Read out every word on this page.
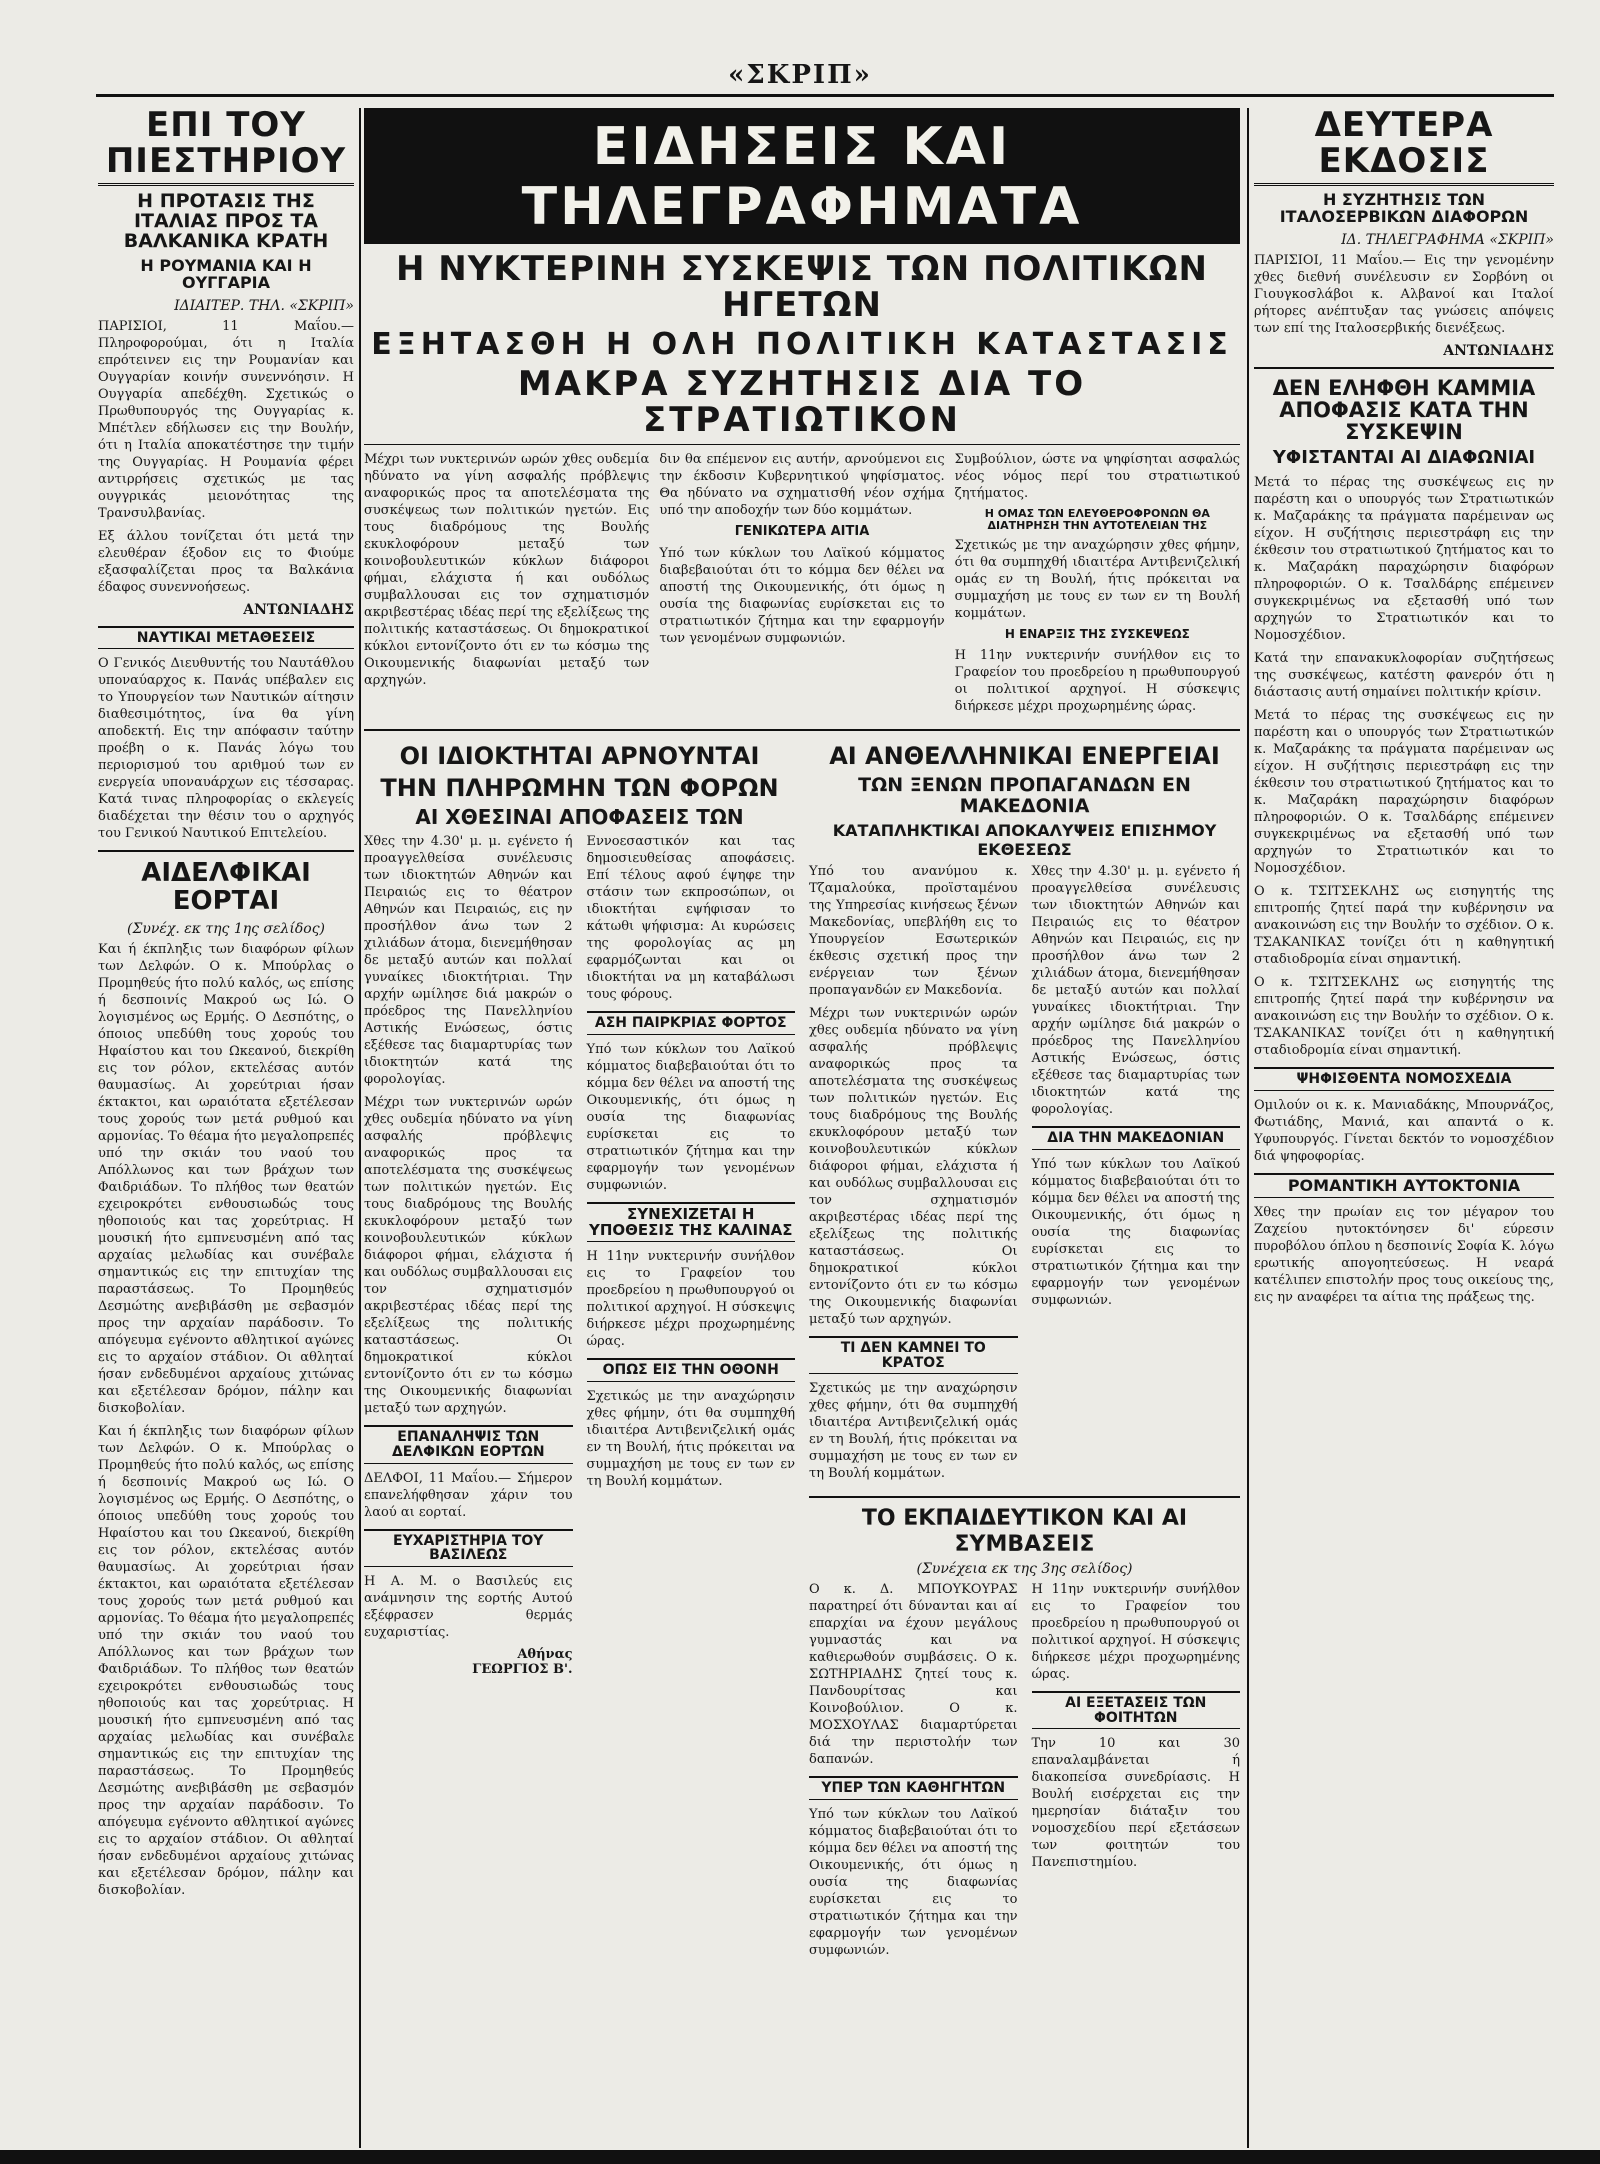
«ΣΚΡΙΠ»
ΕΠΙ ΤΟΥ ΠΙΕΣΤΗΡΙΟΥ
Η ΠΡΟΤΑΣΙΣ ΤΗΣ ΙΤΑΛΙΑΣ ΠΡΟΣ ΤΑ ΒΑΛΚΑΝΙΚΑ ΚΡΑΤΗ
Η ΡΟΥΜΑΝΙΑ ΚΑΙ Η ΟΥΓΓΑΡΙΑ
ΙΔΙΑΙΤΕΡ. ΤΗΛ. «ΣΚΡΙΠ»

ΠΑΡΙΣΙΟΙ, 11 Μαΐου.— Πληροφορούμαι, ότι η Ιταλία επρότεινεν εις την Ρουμανίαν και Ουγγαρίαν κοινήν συνεννόησιν. Η Ουγγαρία απεδέχθη. Σχετικώς ο Πρωθυπουργός της Ουγγαρίας κ. Μπέτλεν εδήλωσεν εις την Βουλήν, ότι η Ιταλία αποκατέστησε την τιμήν της Ουγγαρίας. Η Ρουμανία φέρει αντιρρήσεις σχετικώς με τας ουγγρικάς μειονότητας της Τρανσυλβανίας.

Εξ άλλου τονίζεται ότι μετά την ελευθέραν έξοδον εις το Φιούμε εξασφαλίζεται προς τα Βαλκάνια έδαφος συνεννοήσεως.

ΑΝΤΩΝΙΑΔΗΣ
ΝΑΥΤΙΚΑΙ ΜΕΤΑΘΕΣΕΙΣ

Ο Γενικός Διευθυντής του Ναυτάθλου υποναύαρχος κ. Πανάς υπέβαλεν εις το Υπουργείον των Ναυτικών αίτησιν διαθεσιμότητος, ίνα θα γίνη αποδεκτή. Εις την απόφασιν ταύτην προέβη ο κ. Πανάς λόγω του περιορισμού του αριθμού των εν ενεργεία υποναυάρχων εις τέσσαρας. Κατά τινας πληροφορίας ο εκλεγείς διαδέχεται την θέσιν του ο αρχηγός του Γενικού Ναυτικού Επιτελείου.

ΑΙΔΕΛΦΙΚΑΙ ΕΟΡΤΑΙ
(Συνέχ. εκ της 1ης σελίδος)

Και ή έκπληξις των διαφόρων φίλων των Δελφών. Ο κ. Μπούρλας ο Προμηθεύς ήτο πολύ καλός, ως επίσης ή δεσποινίς Μακρού ως Ιώ. Ο λογισμένος ως Ερμής. Ο Δεσπότης, ο όποιος υπεδύθη τους χορούς του Ηφαίστου και του Ωκεανού, διεκρίθη εις τον ρόλον, εκτελέσας αυτόν θαυμασίως. Αι χορεύτριαι ήσαν έκτακτοι, και ωραιότατα εξετέλεσαν τους χορούς των μετά ρυθμού και αρμονίας. Το θέαμα ήτο μεγαλοπρεπές υπό την σκιάν του ναού του Απόλλωνος και των βράχων των Φαιδριάδων. Το πλήθος των θεατών εχειροκρότει ενθουσιωδώς τους ηθοποιούς και τας χορεύτριας. Η μουσική ήτο εμπνευσμένη από τας αρχαίας μελωδίας και συνέβαλε σημαντικώς εις την επιτυχίαν της παραστάσεως. Το Προμηθεύς Δεσμώτης ανεβιβάσθη με σεβασμόν προς την αρχαίαν παράδοσιν. Το απόγευμα εγένοντο αθλητικοί αγώνες εις το αρχαίον στάδιον. Οι αθληταί ήσαν ενδεδυμένοι αρχαίους χιτώνας και εξετέλεσαν δρόμον, πάλην και δισκοβολίαν.

Και ή έκπληξις των διαφόρων φίλων των Δελφών. Ο κ. Μπούρλας ο Προμηθεύς ήτο πολύ καλός, ως επίσης ή δεσποινίς Μακρού ως Ιώ. Ο λογισμένος ως Ερμής. Ο Δεσπότης, ο όποιος υπεδύθη τους χορούς του Ηφαίστου και του Ωκεανού, διεκρίθη εις τον ρόλον, εκτελέσας αυτόν θαυμασίως. Αι χορεύτριαι ήσαν έκτακτοι, και ωραιότατα εξετέλεσαν τους χορούς των μετά ρυθμού και αρμονίας. Το θέαμα ήτο μεγαλοπρεπές υπό την σκιάν του ναού του Απόλλωνος και των βράχων των Φαιδριάδων. Το πλήθος των θεατών εχειροκρότει ενθουσιωδώς τους ηθοποιούς και τας χορεύτριας. Η μουσική ήτο εμπνευσμένη από τας αρχαίας μελωδίας και συνέβαλε σημαντικώς εις την επιτυχίαν της παραστάσεως. Το Προμηθεύς Δεσμώτης ανεβιβάσθη με σεβασμόν προς την αρχαίαν παράδοσιν. Το απόγευμα εγένοντο αθλητικοί αγώνες εις το αρχαίον στάδιον. Οι αθληταί ήσαν ενδεδυμένοι αρχαίους χιτώνας και εξετέλεσαν δρόμον, πάλην και δισκοβολίαν.

ΕΙΔΗΣΕΙΣ ΚΑΙ ΤΗΛΕΓΡΑΦΗΜΑΤΑ
Η ΝΥΚΤΕΡΙΝΗ ΣΥΣΚΕΨΙΣ ΤΩΝ ΠΟΛΙΤΙΚΩΝ ΗΓΕΤΩΝ
ΕΞΗΤΑΣΘΗ Η ΟΛΗ ΠΟΛΙΤΙΚΗ ΚΑΤΑΣΤΑΣΙΣ
ΜΑΚΡΑ ΣΥΖΗΤΗΣΙΣ ΔΙΑ ΤΟ ΣΤΡΑΤΙΩΤΙΚΟΝ

Μέχρι των νυκτερινών ωρών χθες ουδεμία ηδύνατο να γίνη ασφαλής πρόβλεψις αναφορικώς προς τα αποτελέσματα της συσκέψεως των πολιτικών ηγετών. Εις τους διαδρόμους της Βουλής εκυκλοφόρουν μεταξύ των κοινοβουλευτικών κύκλων διάφοροι φήμαι, ελάχιστα ή και ουδόλως συμβαλλουσαι εις τον σχηματισμόν ακριβεστέρας ιδέας περί της εξελίξεως της πολιτικής καταστάσεως. Οι δημοκρατικοί κύκλοι εντονίζοντο ότι εν τω κόσμω της Οικουμενικής διαφωνίαι μεταξύ των αρχηγών.

διν θα επέμενον εις αυτήν, αρνούμενοι εις την έκδοσιν Κυβερνητικού ψηφίσματος. Θα ηδύνατο να σχηματισθή νέον σχήμα υπό την αποδοχήν των δύο κομμάτων.

ΓΕΝΙΚΩΤΕΡΑ ΑΙΤΙΑ

Υπό των κύκλων του Λαϊκού κόμματος διαβεβαιούται ότι το κόμμα δεν θέλει να αποστή της Οικουμενικής, ότι όμως η ουσία της διαφωνίας ευρίσκεται εις το στρατιωτικόν ζήτημα και την εφαρμογήν των γενομένων συμφωνιών.

Συμβούλιον, ώστε να ψηφίσηται ασφαλώς νέος νόμος περί του στρατιωτικού ζητήματος.

Η ΟΜΑΣ ΤΩΝ ΕΛΕΥΘΕΡΟΦΡΟΝΩΝ ΘΑ ΔΙΑΤΗΡΗΣΗ ΤΗΝ ΑΥΤΟΤΕΛΕΙΑΝ ΤΗΣ

Σχετικώς με την αναχώρησιν χθες φήμην, ότι θα συμπηχθή ιδιαιτέρα Αντιβενιζελική ομάς εν τη Βουλή, ήτις πρόκειται να συμμαχήση με τους εν των εν τη Βουλή κομμάτων.

Η ΕΝΑΡΞΙΣ ΤΗΣ ΣΥΣΚΕΨΕΩΣ

Η 11ην νυκτερινήν συνήλθον εις το Γραφείον του προεδρείου η πρωθυπουργού οι πολιτικοί αρχηγοί. Η σύσκεψις διήρκεσε μέχρι προχωρημένης ώρας.

ΟΙ ΙΔΙΟΚΤΗΤΑΙ ΑΡΝΟΥΝΤΑΙ
ΤΗΝ ΠΛΗΡΩΜΗΝ ΤΩΝ ΦΟΡΩΝ
ΑΙ ΧΘΕΣΙΝΑΙ ΑΠΟΦΑΣΕΙΣ ΤΩΝ

Χθες την 4.30' μ. μ. εγένετο ή προαγγελθείσα συνέλευσις των ιδιοκτητών Αθηνών και Πειραιώς εις το θέατρον Αθηνών και Πειραιώς, εις ην προσήλθον άνω των 2 χιλιάδων άτομα, διενεμήθησαν δε μεταξύ αυτών και πολλαί γυναίκες ιδιοκτήτριαι. Την αρχήν ωμίλησε διά μακρών ο πρόεδρος της Πανελληνίου Αστικής Ενώσεως, όστις εξέθεσε τας διαμαρτυρίας των ιδιοκτητών κατά της φορολογίας.

Μέχρι των νυκτερινών ωρών χθες ουδεμία ηδύνατο να γίνη ασφαλής πρόβλεψις αναφορικώς προς τα αποτελέσματα της συσκέψεως των πολιτικών ηγετών. Εις τους διαδρόμους της Βουλής εκυκλοφόρουν μεταξύ των κοινοβουλευτικών κύκλων διάφοροι φήμαι, ελάχιστα ή και ουδόλως συμβαλλουσαι εις τον σχηματισμόν ακριβεστέρας ιδέας περί της εξελίξεως της πολιτικής καταστάσεως. Οι δημοκρατικοί κύκλοι εντονίζοντο ότι εν τω κόσμω της Οικουμενικής διαφωνίαι μεταξύ των αρχηγών.

ΕΠΑΝΑΛΗΨΙΣ ΤΩΝ ΔΕΛΦΙΚΩΝ ΕΟΡΤΩΝ

ΔΕΛΦΟΙ, 11 Μαΐου.— Σήμερον επανελήφθησαν χάριν του λαού αι εορταί.

ΕΥΧΑΡΙΣΤΗΡΙΑ ΤΟΥ ΒΑΣΙΛΕΩΣ

Η Α. Μ. ο Βασιλεύς εις ανάμνησιν της εορτής Αυτού εξέφρασεν θερμάς ευχαριστίας.

Αθήνας
ΓΕΩΡΓΙΟΣ Β'.

Εννοεσαστικόν και τας δημοσιευθείσας αποφάσεις. Επί τέλους αφού έψηφε την στάσιν των εκπροσώπων, οι ιδιοκτήται εψήφισαν το κάτωθι ψήφισμα: Αι κυρώσεις της φορολογίας ας μη εφαρμόζωνται και οι ιδιοκτήται να μη καταβάλωσι τους φόρους.

ΑΣΗ ΠΑΙΡΚΡΙΑΣ ΦΟΡΤΟΣ

Υπό των κύκλων του Λαϊκού κόμματος διαβεβαιούται ότι το κόμμα δεν θέλει να αποστή της Οικουμενικής, ότι όμως η ουσία της διαφωνίας ευρίσκεται εις το στρατιωτικόν ζήτημα και την εφαρμογήν των γενομένων συμφωνιών.

ΣΥΝΕΧΙΖΕΤΑΙ Η ΥΠΟΘΕΣΙΣ ΤΗΣ ΚΑΛΙΝΑΣ

Η 11ην νυκτερινήν συνήλθον εις το Γραφείον του προεδρείου η πρωθυπουργού οι πολιτικοί αρχηγοί. Η σύσκεψις διήρκεσε μέχρι προχωρημένης ώρας.

ΟΠΩΣ ΕΙΣ ΤΗΝ ΟΘΟΝΗ

Σχετικώς με την αναχώρησιν χθες φήμην, ότι θα συμπηχθή ιδιαιτέρα Αντιβενιζελική ομάς εν τη Βουλή, ήτις πρόκειται να συμμαχήση με τους εν των εν τη Βουλή κομμάτων.

ΑΙ ΑΝΘΕΛΛΗΝΙΚΑΙ ΕΝΕΡΓΕΙΑΙ
ΤΩΝ ΞΕΝΩΝ ΠΡΟΠΑΓΑΝΔΩΝ ΕΝ ΜΑΚΕΔΟΝΙΑ
ΚΑΤΑΠΛΗΚΤΙΚΑΙ ΑΠΟΚΑΛΥΨΕΙΣ ΕΠΙΣΗΜΟΥ ΕΚΘΕΣΕΩΣ

Υπό του ανανύμου κ. Τζαμαλούκα, προϊσταμένου της Υπηρεσίας κινήσεως ξένων Μακεδονίας, υπεβλήθη εις το Υπουργείον Εσωτερικών έκθεσις σχετική προς την ενέργειαν των ξένων προπαγανδών εν Μακεδονία.

Μέχρι των νυκτερινών ωρών χθες ουδεμία ηδύνατο να γίνη ασφαλής πρόβλεψις αναφορικώς προς τα αποτελέσματα της συσκέψεως των πολιτικών ηγετών. Εις τους διαδρόμους της Βουλής εκυκλοφόρουν μεταξύ των κοινοβουλευτικών κύκλων διάφοροι φήμαι, ελάχιστα ή και ουδόλως συμβαλλουσαι εις τον σχηματισμόν ακριβεστέρας ιδέας περί της εξελίξεως της πολιτικής καταστάσεως. Οι δημοκρατικοί κύκλοι εντονίζοντο ότι εν τω κόσμω της Οικουμενικής διαφωνίαι μεταξύ των αρχηγών.

ΤΙ ΔΕΝ ΚΑΜΝΕΙ ΤΟ ΚΡΑΤΟΣ

Σχετικώς με την αναχώρησιν χθες φήμην, ότι θα συμπηχθή ιδιαιτέρα Αντιβενιζελική ομάς εν τη Βουλή, ήτις πρόκειται να συμμαχήση με τους εν των εν τη Βουλή κομμάτων.

Χθες την 4.30' μ. μ. εγένετο ή προαγγελθείσα συνέλευσις των ιδιοκτητών Αθηνών και Πειραιώς εις το θέατρον Αθηνών και Πειραιώς, εις ην προσήλθον άνω των 2 χιλιάδων άτομα, διενεμήθησαν δε μεταξύ αυτών και πολλαί γυναίκες ιδιοκτήτριαι. Την αρχήν ωμίλησε διά μακρών ο πρόεδρος της Πανελληνίου Αστικής Ενώσεως, όστις εξέθεσε τας διαμαρτυρίας των ιδιοκτητών κατά της φορολογίας.

ΔΙΑ ΤΗΝ ΜΑΚΕΔΟΝΙΑΝ

Υπό των κύκλων του Λαϊκού κόμματος διαβεβαιούται ότι το κόμμα δεν θέλει να αποστή της Οικουμενικής, ότι όμως η ουσία της διαφωνίας ευρίσκεται εις το στρατιωτικόν ζήτημα και την εφαρμογήν των γενομένων συμφωνιών.

ΤΟ ΕΚΠΑΙΔΕΥΤΙΚΟΝ ΚΑΙ ΑΙ ΣΥΜΒΑΣΕΙΣ
(Συνέχεια εκ της 3ης σελίδος)

Ο κ. Δ. ΜΠΟΥΚΟΥΡΑΣ παρατηρεί ότι δύνανται και αί επαρχίαι να έχουν μεγάλους γυμναστάς και να καθιερωθούν συμβάσεις. Ο κ. ΣΩΤΗΡΙΑΔΗΣ ζητεί τους κ. Πανδουρίτσας και Κοινοβούλιον. Ο κ. ΜΟΣΧΟΥΛΑΣ διαμαρτύρεται διά την περιστολήν των δαπανών.

ΥΠΕΡ ΤΩΝ ΚΑΘΗΓΗΤΩΝ

Υπό των κύκλων του Λαϊκού κόμματος διαβεβαιούται ότι το κόμμα δεν θέλει να αποστή της Οικουμενικής, ότι όμως η ουσία της διαφωνίας ευρίσκεται εις το στρατιωτικόν ζήτημα και την εφαρμογήν των γενομένων συμφωνιών.

Η 11ην νυκτερινήν συνήλθον εις το Γραφείον του προεδρείου η πρωθυπουργού οι πολιτικοί αρχηγοί. Η σύσκεψις διήρκεσε μέχρι προχωρημένης ώρας.

ΑΙ ΕΞΕΤΑΣΕΙΣ ΤΩΝ ΦΟΙΤΗΤΩΝ

Την 10 και 30 επαναλαμβάνεται ή διακοπείσα συνεδρίασις. Η Βουλή εισέρχεται εις την ημερησίαν διάταξιν του νομοσχεδίου περί εξετάσεων των φοιτητών του Πανεπιστημίου.

ΔΕΥΤΕΡΑ ΕΚΔΟΣΙΣ
Η ΣΥΖΗΤΗΣΙΣ ΤΩΝ ΙΤΑΛΟΣΕΡΒΙΚΩΝ ΔΙΑΦΟΡΩΝ
ΙΔ. ΤΗΛΕΓΡΑΦΗΜΑ «ΣΚΡΙΠ»

ΠΑΡΙΣΙΟΙ, 11 Μαΐου.— Εις την γενομένην χθες διεθνή συνέλευσιν εν Σορβόνη οι Γιουγκοσλάβοι κ. Αλβανοί και Ιταλοί ρήτορες ανέπτυξαν τας γνώσεις απόψεις των επί της Ιταλοσερβικής διενέξεως.

ΑΝΤΩΝΙΑΔΗΣ
ΔΕΝ ΕΛΗΦΘΗ ΚΑΜΜΙΑ ΑΠΟΦΑΣΙΣ ΚΑΤΑ ΤΗΝ ΣΥΣΚΕΨΙΝ
ΥΦΙΣΤΑΝΤΑΙ ΑΙ ΔΙΑΦΩΝΙΑΙ

Μετά το πέρας της συσκέψεως εις ην παρέστη και ο υπουργός των Στρατιωτικών κ. Μαζαράκης τα πράγματα παρέμειναν ως είχον. Η συζήτησις περιεστράφη εις την έκθεσιν του στρατιωτικού ζητήματος και το κ. Μαζαράκη παραχώρησιν διαφόρων πληροφοριών. Ο κ. Τσαλδάρης επέμεινεν συγκεκριμένως να εξετασθή υπό των αρχηγών το Στρατιωτικόν και το Νομοσχέδιον.

Κατά την επανακυκλοφορίαν συζητήσεως της συσκέψεως, κατέστη φανερόν ότι η διάστασις αυτή σημαίνει πολιτικήν κρίσιν.

Μετά το πέρας της συσκέψεως εις ην παρέστη και ο υπουργός των Στρατιωτικών κ. Μαζαράκης τα πράγματα παρέμειναν ως είχον. Η συζήτησις περιεστράφη εις την έκθεσιν του στρατιωτικού ζητήματος και το κ. Μαζαράκη παραχώρησιν διαφόρων πληροφοριών. Ο κ. Τσαλδάρης επέμεινεν συγκεκριμένως να εξετασθή υπό των αρχηγών το Στρατιωτικόν και το Νομοσχέδιον.

Ο κ. ΤΣΙΤΣΕΚΛΗΣ ως εισηγητής της επιτροπής ζητεί παρά την κυβέρνησιν να ανακοινώση εις την Βουλήν το σχέδιον. Ο κ. ΤΣΑΚΑΝΙΚΑΣ τονίζει ότι η καθηγητική σταδιοδρομία είναι σημαντική.

Ο κ. ΤΣΙΤΣΕΚΛΗΣ ως εισηγητής της επιτροπής ζητεί παρά την κυβέρνησιν να ανακοινώση εις την Βουλήν το σχέδιον. Ο κ. ΤΣΑΚΑΝΙΚΑΣ τονίζει ότι η καθηγητική σταδιοδρομία είναι σημαντική.

ΨΗΦΙΣΘΕΝΤΑ ΝΟΜΟΣΧΕΔΙΑ

Ομιλούν οι κ. κ. Μανιαδάκης, Μπουρνάζος, Φωτιάδης, Μανιά, και απαντά ο κ. Υφυπουργός. Γίνεται δεκτόν το νομοσχέδιον διά ψηφοφορίας.

ΡΟΜΑΝΤΙΚΗ ΑΥΤΟΚΤΟΝΙΑ

Χθες την πρωίαν εις τον μέγαρον του Ζαχείου ηυτοκτόνησεν δι' εύρεσιν πυροβόλου όπλου η δεσποινίς Σοφία Κ. λόγω ερωτικής απογοητεύσεως. Η νεαρά κατέλιπεν επιστολήν προς τους οικείους της, εις ην αναφέρει τα αίτια της πράξεως της.
